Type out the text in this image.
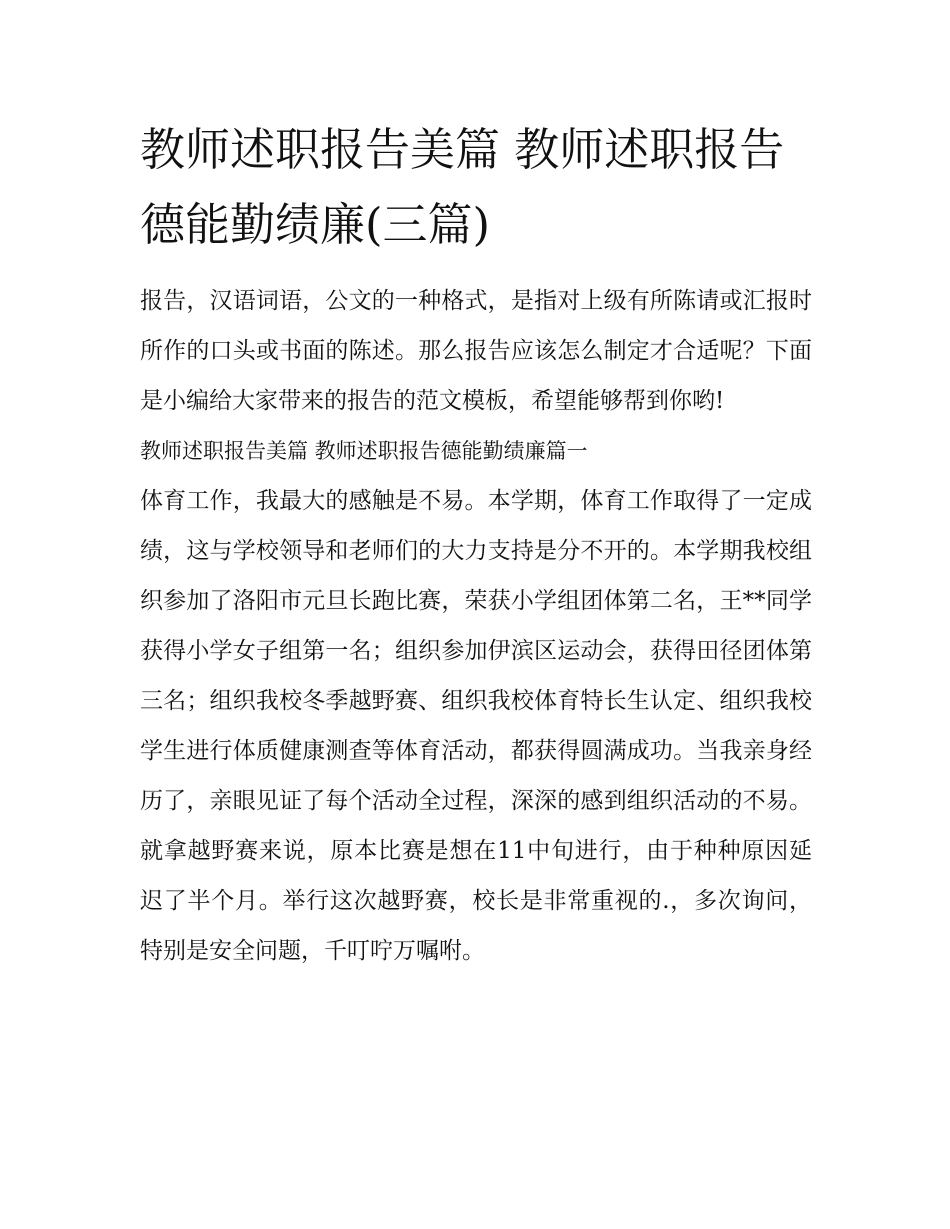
教师述职报告美篇 教师述职报告德能勤绩廉(三篇)

报告，汉语词语，公文的一种格式，是指对上级有所陈请或汇报时所作的口头或书面的陈述。那么报告应该怎么制定才合适呢？下面是小编给大家带来的报告的范文模板，希望能够帮到你哟!

教师述职报告美篇 教师述职报告德能勤绩廉篇一

体育工作，我最大的感触是不易。本学期，体育工作取得了一定成绩，这与学校领导和老师们的大力支持是分不开的。本学期我校组织参加了洛阳市元旦长跑比赛，荣获小学组团体第二名，王**同学获得小学女子组第一名；组织参加伊滨区运动会，获得田径团体第三名；组织我校冬季越野赛、组织我校体育特长生认定、组织我校学生进行体质健康测查等体育活动，都获得圆满成功。当我亲身经历了，亲眼见证了每个活动全过程，深深的感到组织活动的不易。就拿越野赛来说，原本比赛是想在11中旬进行，由于种种原因延迟了半个月。举行这次越野赛，校长是非常重视的.，多次询问，特别是安全问题，千叮咛万嘱咐。
